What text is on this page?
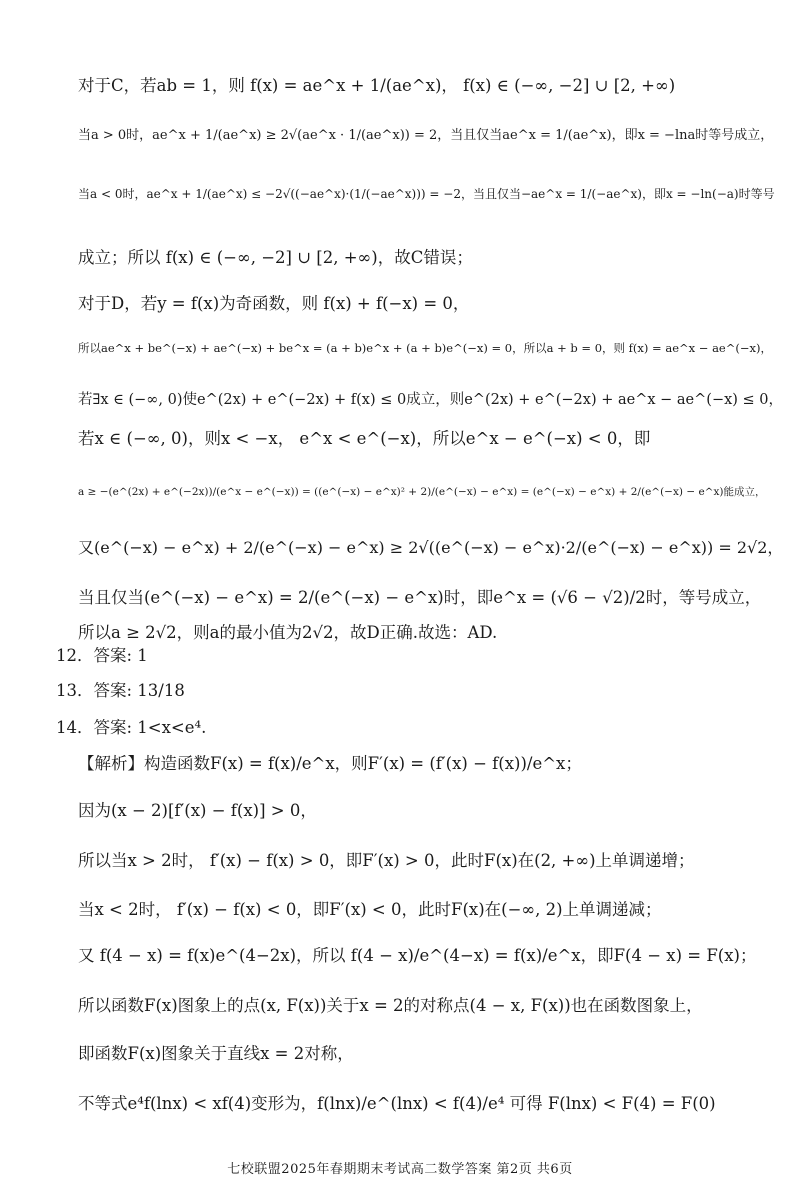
对于C，若ab = 1，则 f(x) = ae^x + 1/(ae^x)， f(x) ∈ (−∞, −2] ∪ [2, +∞)
当a > 0时，ae^x + 1/(ae^x) ≥ 2√(ae^x · 1/(ae^x)) = 2，当且仅当ae^x = 1/(ae^x)，即x = −lna时等号成立，
当a < 0时，ae^x + 1/(ae^x) ≤ −2√((−ae^x)·(1/(−ae^x))) = −2，当且仅当−ae^x = 1/(−ae^x)，即x = −ln(−a)时等号
成立；所以 f(x) ∈ (−∞, −2] ∪ [2, +∞)，故C错误；
对于D，若y = f(x)为奇函数，则 f(x) + f(−x) = 0，
所以ae^x + be^(−x) + ae^(−x) + be^x = (a + b)e^x + (a + b)e^(−x) = 0，所以a + b = 0，则 f(x) = ae^x − ae^(−x)，
若∃x ∈ (−∞, 0)使e^(2x) + e^(−2x) + f(x) ≤ 0成立，则e^(2x) + e^(−2x) + ae^x − ae^(−x) ≤ 0，
若x ∈ (−∞, 0)，则x < −x， e^x < e^(−x)，所以e^x − e^(−x) < 0，即
a ≥ −(e^(2x) + e^(−2x))/(e^x − e^(−x)) = ((e^(−x) − e^x)² + 2)/(e^(−x) − e^x) = (e^(−x) − e^x) + 2/(e^(−x) − e^x)能成立，
又(e^(−x) − e^x) + 2/(e^(−x) − e^x) ≥ 2√((e^(−x) − e^x)·2/(e^(−x) − e^x)) = 2√2，
当且仅当(e^(−x) − e^x) = 2/(e^(−x) − e^x)时，即e^x = (√6 − √2)/2时，等号成立，
所以a ≥ 2√2，则a的最小值为2√2，故D正确.故选：AD.
12．答案: 1
13．答案: 13/18
14．答案: 1<x<e⁴.
【解析】构造函数F(x) = f(x)/e^x，则F′(x) = (f′(x) − f(x))/e^x；
因为(x − 2)[f′(x) − f(x)] > 0，
所以当x > 2时， f′(x) − f(x) > 0，即F′(x) > 0，此时F(x)在(2, +∞)上单调递增；
当x < 2时， f′(x) − f(x) < 0，即F′(x) < 0，此时F(x)在(−∞, 2)上单调递减；
又 f(4 − x) = f(x)e^(4−2x)，所以 f(4 − x)/e^(4−x) = f(x)/e^x，即F(4 − x) = F(x)；
所以函数F(x)图象上的点(x, F(x))关于x = 2的对称点(4 − x, F(x))也在函数图象上，
即函数F(x)图象关于直线x = 2对称，
不等式e⁴f(lnx) < xf(4)变形为，f(lnx)/e^(lnx) < f(4)/e⁴ 可得 F(lnx) < F(4) = F(0)
七校联盟2025年春期期末考试高二数学答案 第2页 共6页
